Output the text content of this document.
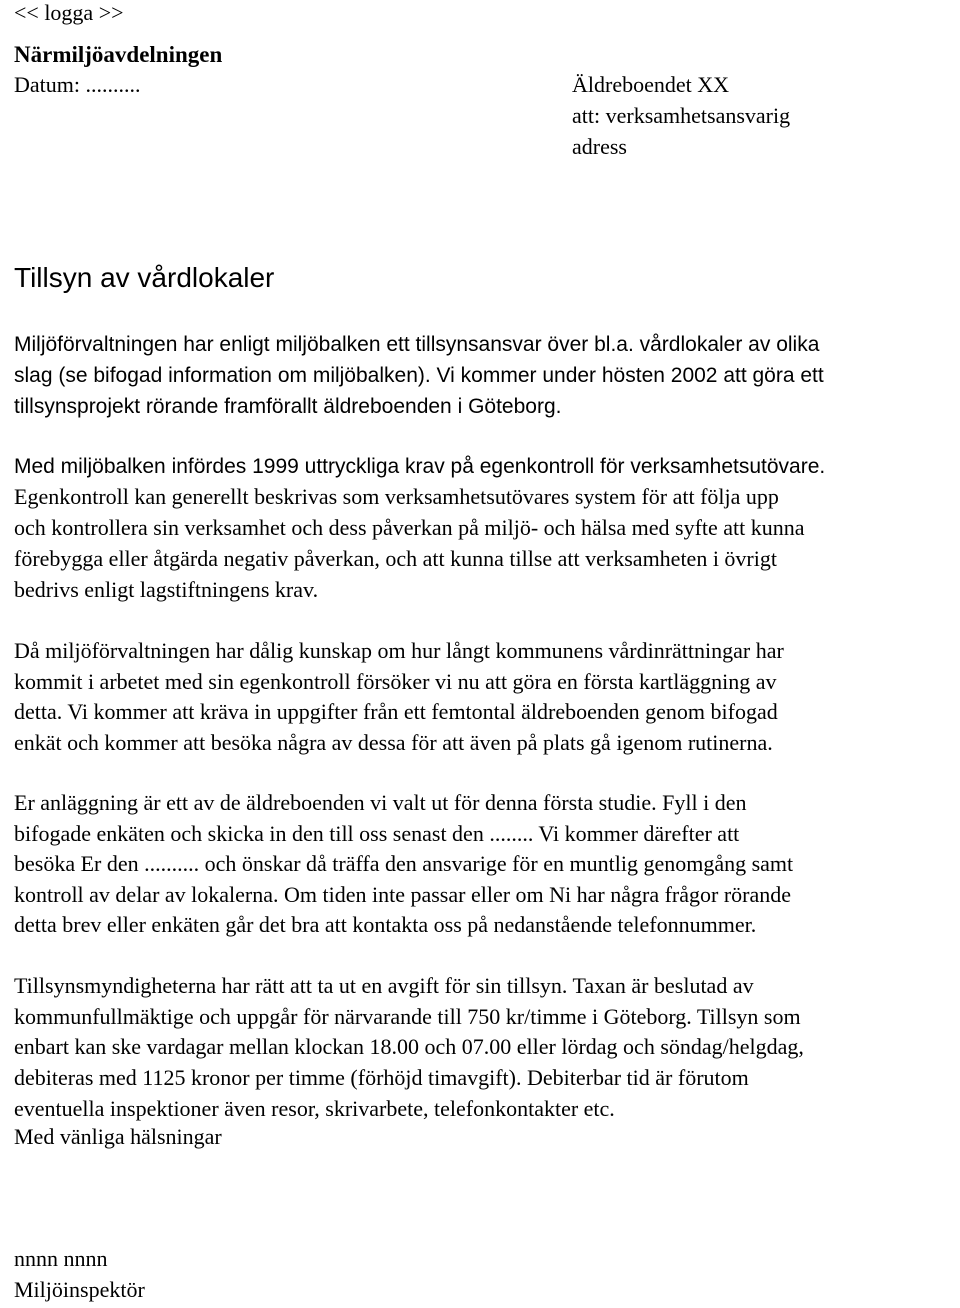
<< logga >>
Närmiljöavdelningen
Datum: ..........	Äldreboendet XX
att: verksamhetsansvarig
adress
Tillsyn av vårdlokaler
Miljöförvaltningen har enligt miljöbalken ett tillsynsansvar över bl.a. vårdlokaler av olika
slag (se bifogad information om miljöbalken). Vi kommer under hösten 2002 att göra ett
tillsynsprojekt rörande framförallt äldreboenden i Göteborg.
Med miljöbalken infördes 1999 uttryckliga krav på egenkontroll för verksamhetsutövare.
Egenkontroll kan generellt beskrivas som verksamhetsutövares system för att följa upp
och kontrollera sin verksamhet och dess påverkan på miljö- och hälsa med syfte att kunna
förebygga eller åtgärda negativ påverkan, och att kunna tillse att verksamheten i övrigt
bedrivs enligt lagstiftningens krav.
Då miljöförvaltningen har dålig kunskap om hur långt kommunens vårdinrättningar har
kommit i arbetet med sin egenkontroll försöker vi nu att göra en första kartläggning av
detta. Vi kommer att kräva in uppgifter från ett femtontal äldreboenden genom bifogad
enkät och kommer att besöka några av dessa för att även på plats gå igenom rutinerna.
Er anläggning är ett av de äldreboenden vi valt ut för denna första studie. Fyll i den
bifogade enkäten och skicka in den till oss senast den ........ Vi kommer därefter att
besöka Er den .......... och önskar då träffa den ansvarige för en muntlig genomgång samt
kontroll av delar av lokalerna. Om tiden inte passar eller om Ni har några frågor rörande
detta brev eller enkäten går det bra att kontakta oss på nedanstående telefonnummer.
Tillsynsmyndigheterna har rätt att ta ut en avgift för sin tillsyn. Taxan är beslutad av
kommunfullmäktige och uppgår för närvarande till 750 kr/timme i Göteborg. Tillsyn som
enbart kan ske vardagar mellan klockan 18.00 och 07.00 eller lördag och söndag/helgdag,
debiteras med 1125 kronor per timme (förhöjd timavgift). Debiterbar tid är förutom
eventuella inspektioner även resor, skrivarbete, telefonkontakter etc.
Med vänliga hälsningar
nnnn nnnn
Miljöinspektör
